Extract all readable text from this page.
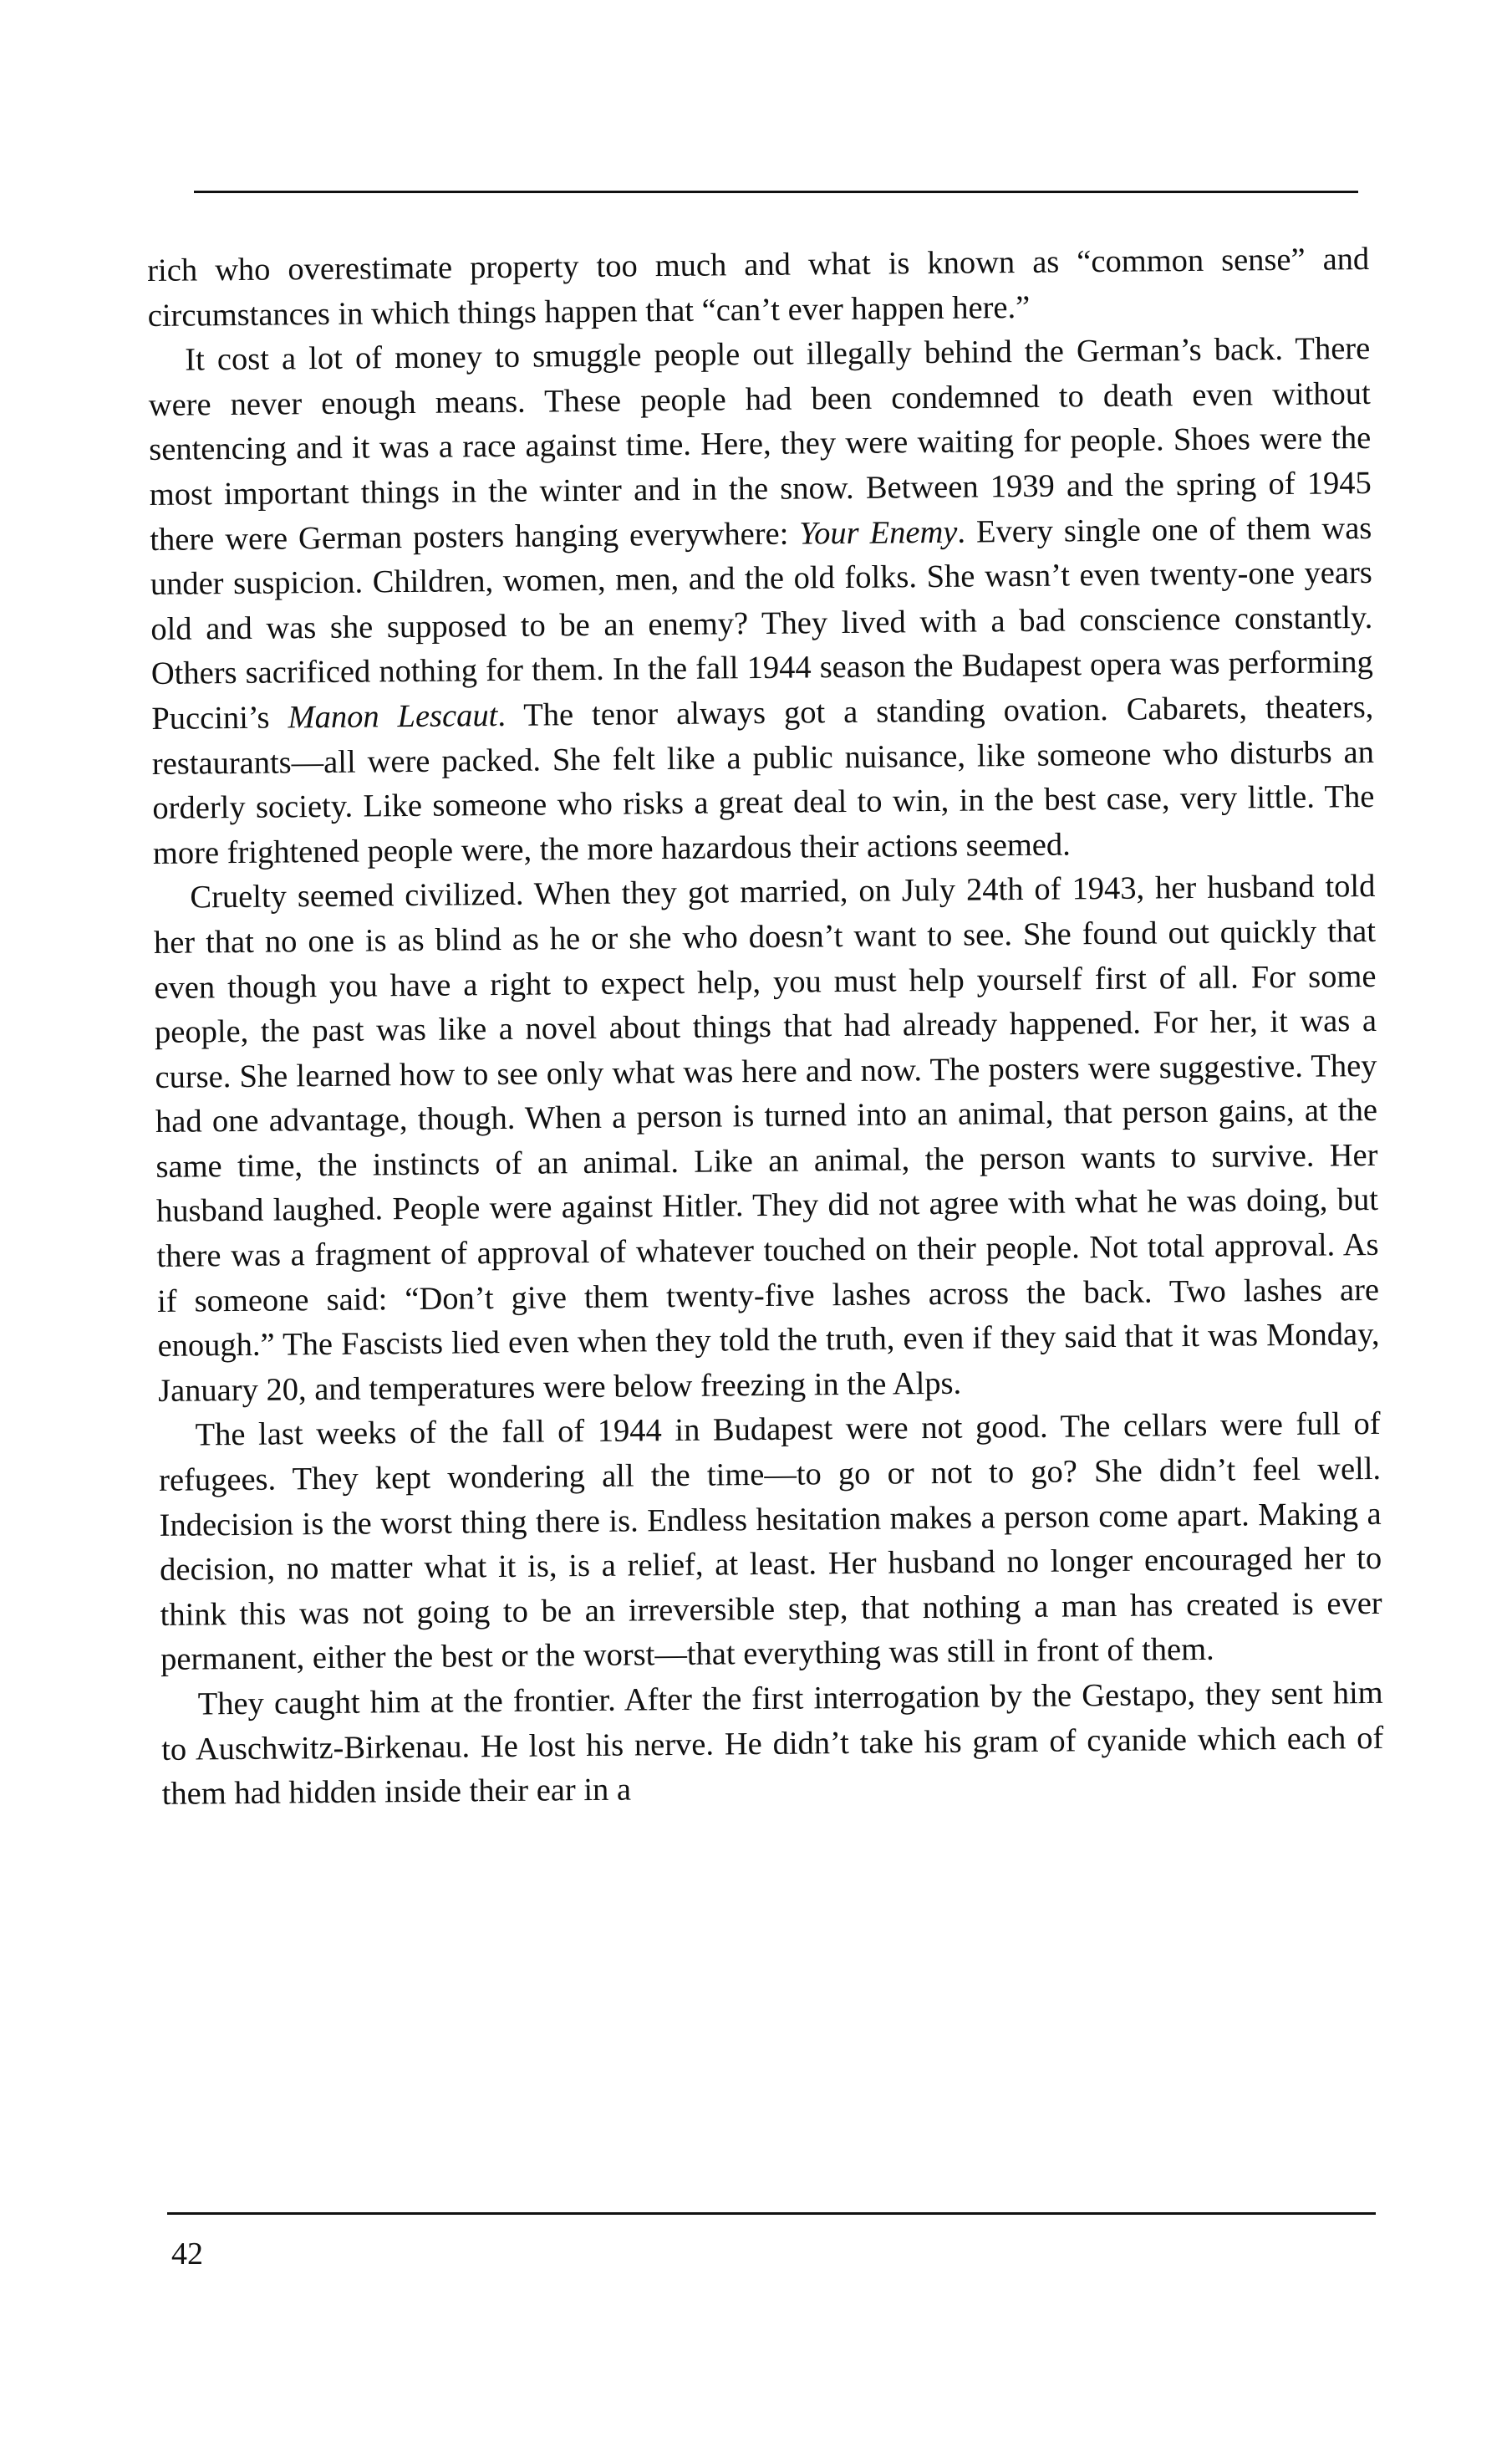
rich who overestimate property too much and what is known as “common sense” and circumstances in which things happen that “can’t ever happen here.”

It cost a lot of money to smuggle people out illegally behind the German’s back. There were never enough means. These people had been condemned to death even without sentencing and it was a race against time. Here, they were waiting for people. Shoes were the most important things in the winter and in the snow. Between 1939 and the spring of 1945 there were German posters hanging everywhere: Your Enemy. Every single one of them was under suspicion. Children, women, men, and the old folks. She wasn’t even twenty-one years old and was she supposed to be an enemy? They lived with a bad conscience constantly. Others sacrificed nothing for them. In the fall 1944 season the Budapest opera was performing Puccini’s Manon Lescaut. The tenor always got a standing ovation. Cabarets, theaters, restaurants—all were packed. She felt like a public nuisance, like someone who disturbs an orderly society. Like someone who risks a great deal to win, in the best case, very little. The more frightened people were, the more hazardous their actions seemed.

Cruelty seemed civilized. When they got married, on July 24th of 1943, her husband told her that no one is as blind as he or she who doesn’t want to see. She found out quickly that even though you have a right to expect help, you must help yourself first of all. For some people, the past was like a novel about things that had already happened. For her, it was a curse. She learned how to see only what was here and now. The posters were suggestive. They had one advantage, though. When a person is turned into an animal, that person gains, at the same time, the instincts of an animal. Like an animal, the person wants to survive. Her husband laughed. People were against Hitler. They did not agree with what he was doing, but there was a fragment of approval of whatever touched on their people. Not total approval. As if someone said: “Don’t give them twenty-five lashes across the back. Two lashes are enough.” The Fascists lied even when they told the truth, even if they said that it was Monday, January 20, and temperatures were below freezing in the Alps.

The last weeks of the fall of 1944 in Budapest were not good. The cellars were full of refugees. They kept wondering all the time—to go or not to go? She didn’t feel well. Indecision is the worst thing there is. Endless hesitation makes a person come apart. Making a decision, no matter what it is, is a relief, at least. Her husband no longer encouraged her to think this was not going to be an irreversible step, that nothing a man has created is ever permanent, either the best or the worst—that everything was still in front of them.

They caught him at the frontier. After the first interrogation by the Gestapo, they sent him to Auschwitz-Birkenau. He lost his nerve. He didn’t take his gram of cyanide which each of them had hidden inside their ear in a

42
